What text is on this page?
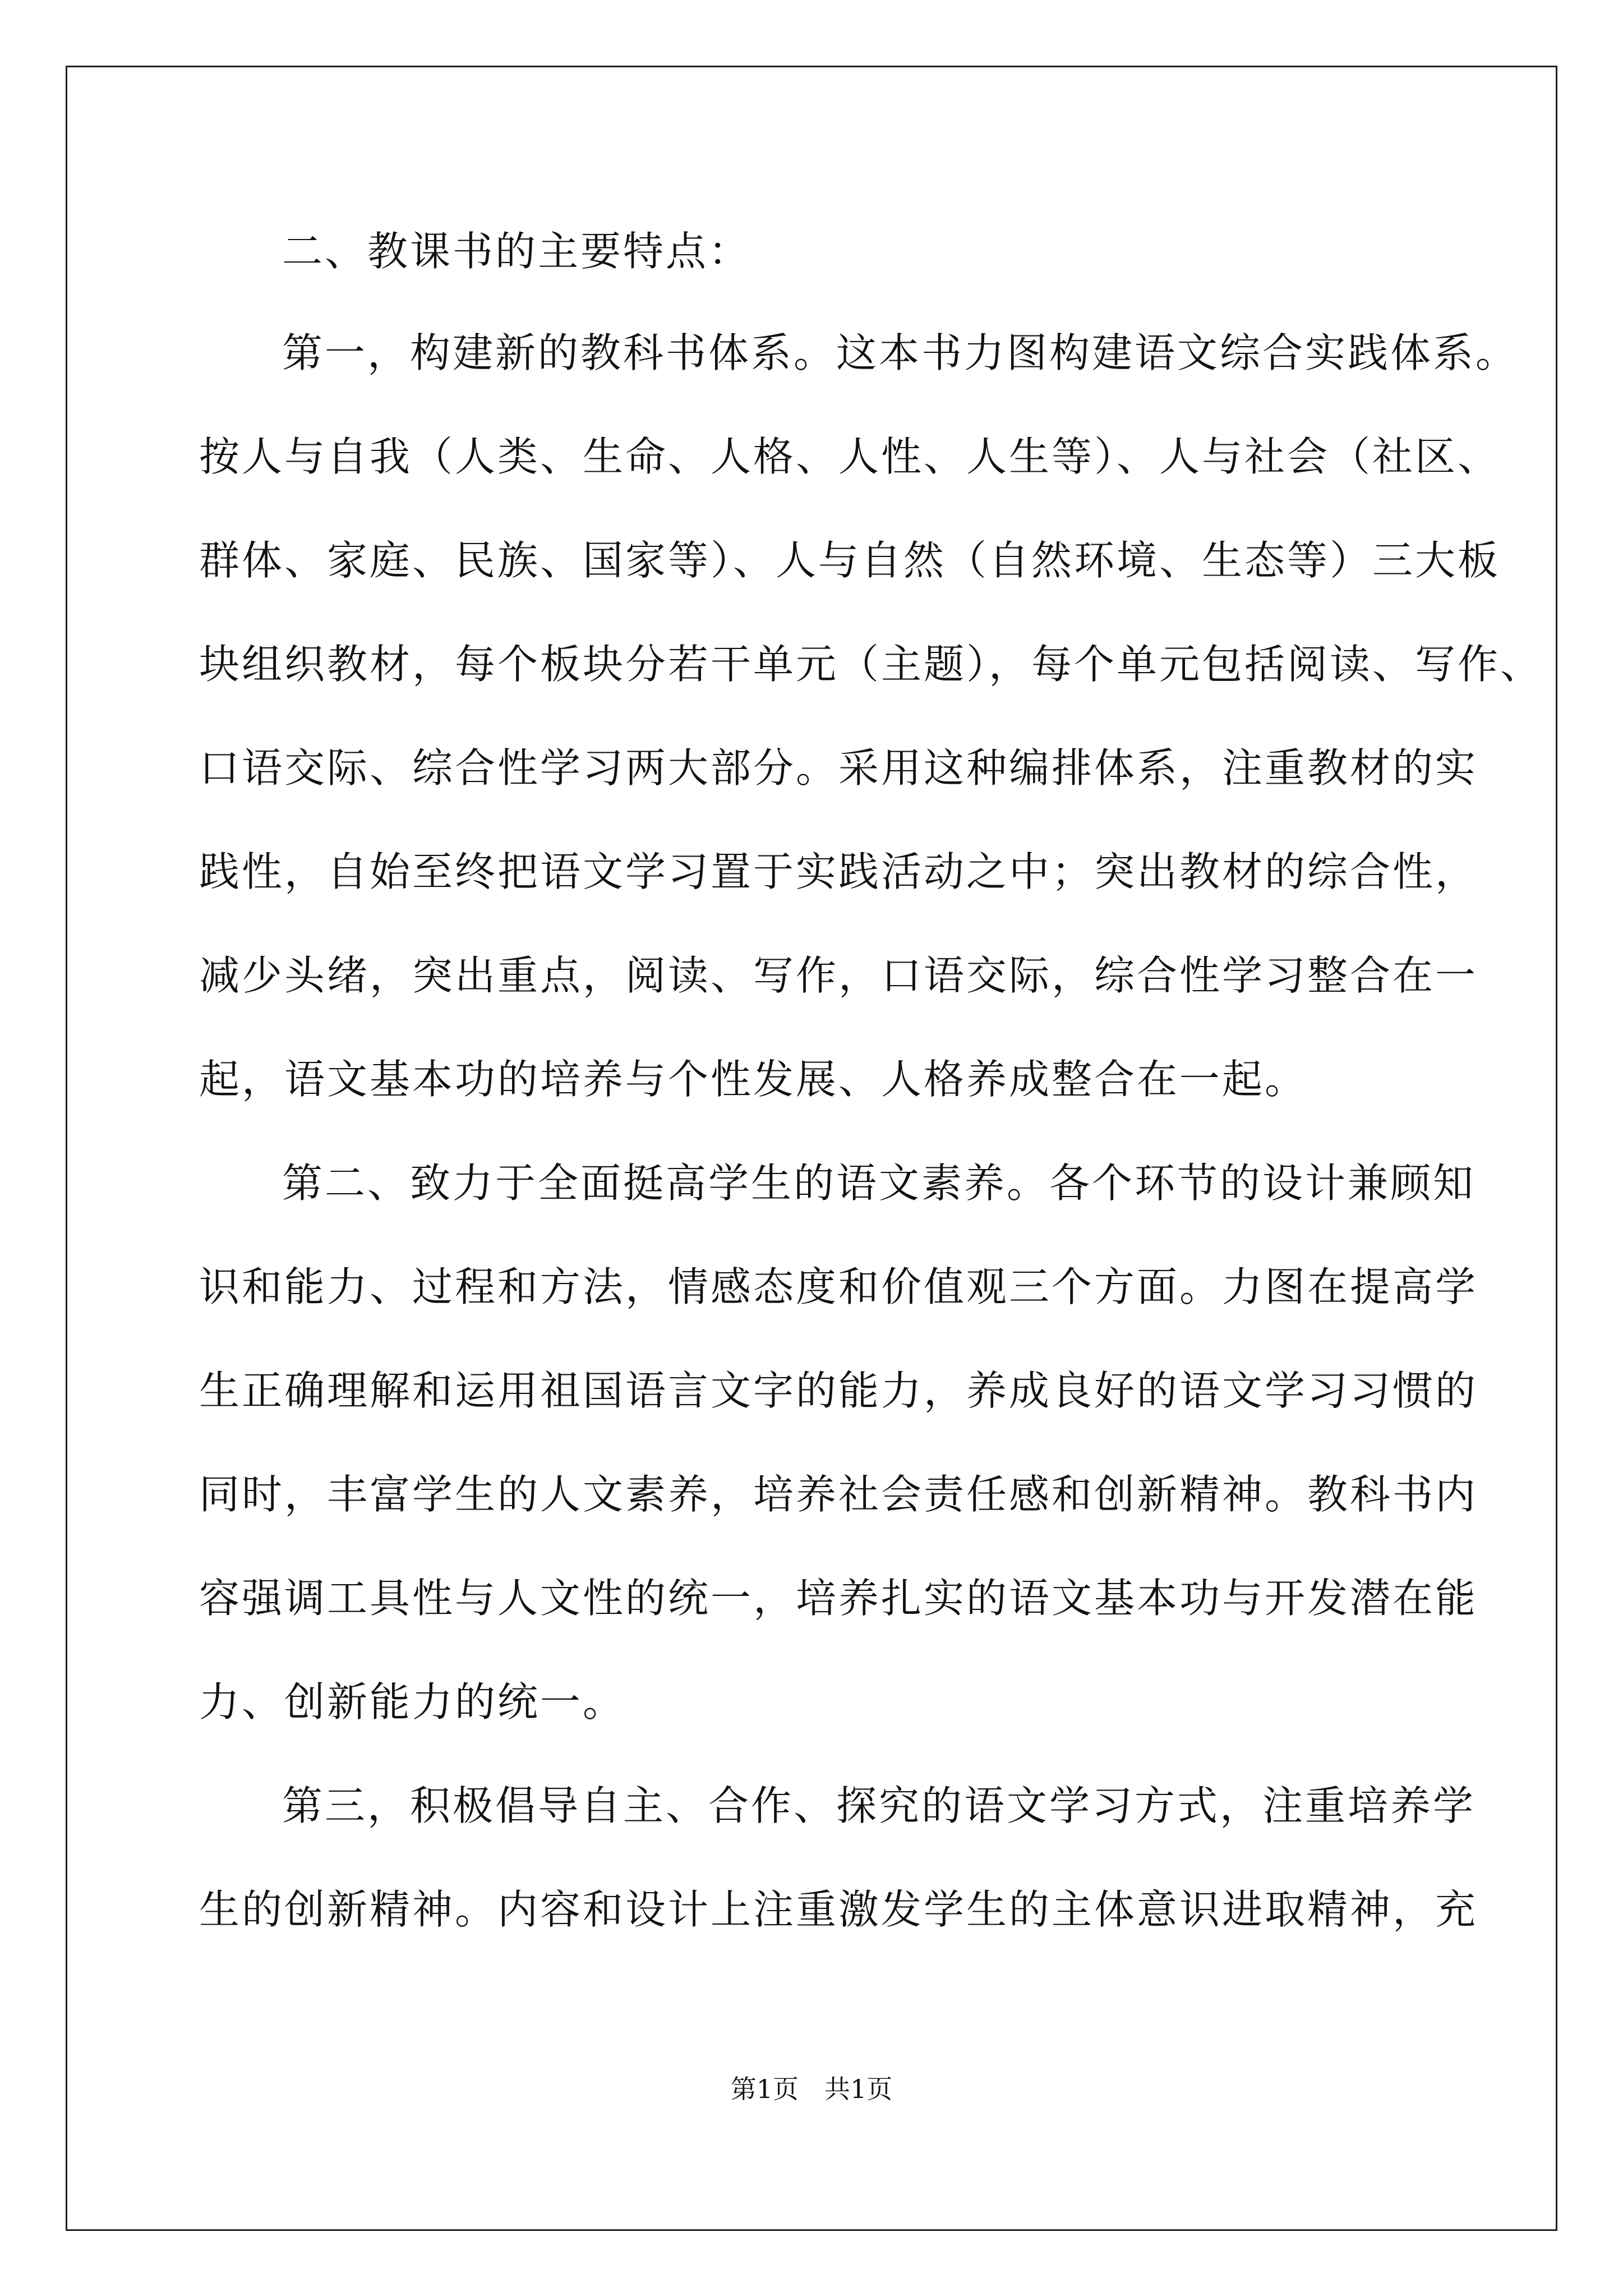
二、教课书的主要特点：
第一，构建新的教科书体系。这本书力图构建语文综合实践体系。
按人与自我（人类、生命、人格、人性、人生等）、人与社会（社区、
群体、家庭、民族、国家等）、人与自然（自然环境、生态等）三大板
块组织教材，每个板块分若干单元（主题），每个单元包括阅读、写作、
口语交际、综合性学习两大部分。采用这种编排体系，注重教材的实
践性，自始至终把语文学习置于实践活动之中；突出教材的综合性，
减少头绪，突出重点，阅读、写作，口语交际，综合性学习整合在一
起，语文基本功的培养与个性发展、人格养成整合在一起。
第二、致力于全面挺高学生的语文素养。各个环节的设计兼顾知
识和能力、过程和方法，情感态度和价值观三个方面。力图在提高学
生正确理解和运用祖国语言文字的能力，养成良好的语文学习习惯的
同时，丰富学生的人文素养，培养社会责任感和创新精神。教科书内
容强调工具性与人文性的统一，培养扎实的语文基本功与开发潜在能
力、创新能力的统一。
第三，积极倡导自主、合作、探究的语文学习方式，注重培养学
生的创新精神。内容和设计上注重激发学生的主体意识进取精神，充
第1页　共1页
